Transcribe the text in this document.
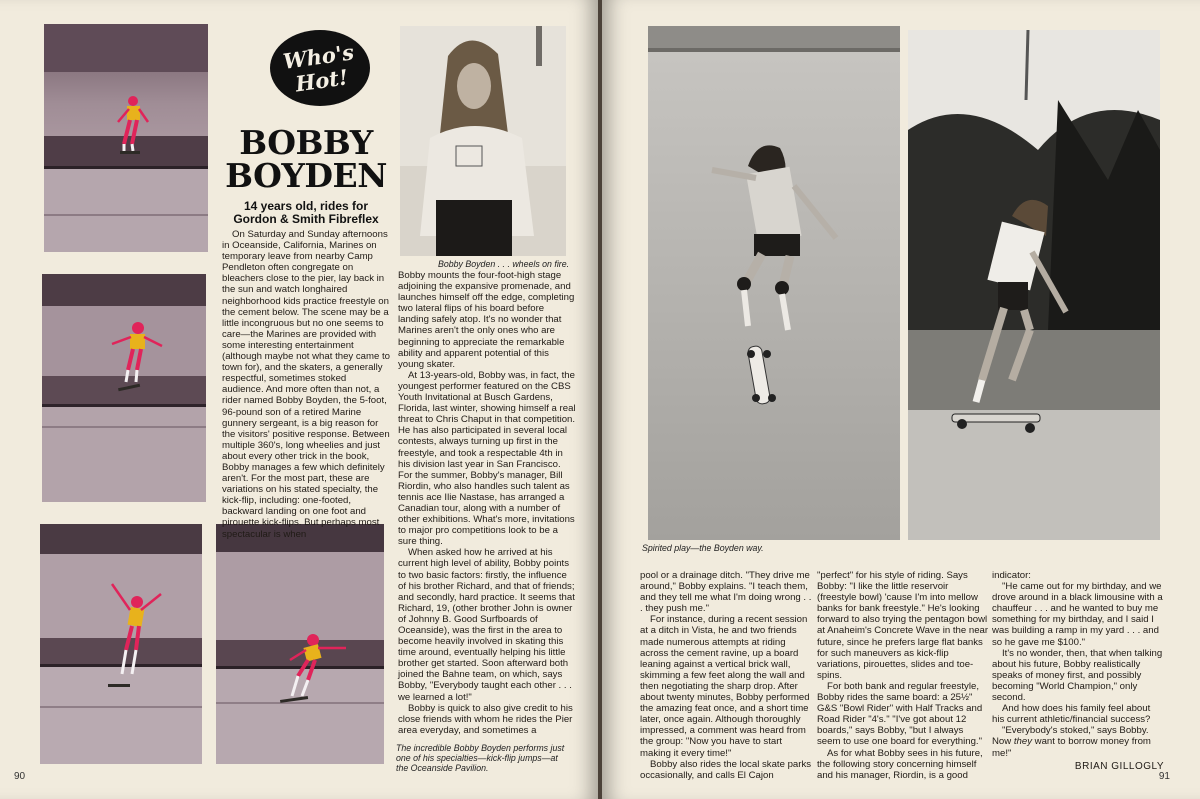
Who's
Hot!
BOBBY
BOYDEN
14 years old, rides for Gordon & Smith Fibreflex

On Saturday and Sunday afternoons in Oceanside, California, Marines on temporary leave from nearby Camp Pendleton often congregate on bleachers close to the pier, lay back in the sun and watch longhaired neighborhood kids practice freestyle on the cement below. The scene may be a little incongruous but no one seems to care—the Marines are provided with some interesting entertainment (although maybe not what they came to town for), and the skaters, a generally respectful, sometimes stoked audience. And more often than not, a rider named Bobby Boyden, the 5-foot, 96-pound son of a retired Marine gunnery sergeant, is a big reason for the visitors' positive response. Between multiple 360's, long wheelies and just about every other trick in the book, Bobby manages a few which definitely aren't. For the most part, these are variations on his stated specialty, the kick-flip, including: one-footed, backward landing on one foot and pirouette kick-flips. But perhaps most spectacular is when

Bobby Boyden . . . wheels on fire.

Bobby mounts the four-foot-high stage adjoining the expansive promenade, and launches himself off the edge, completing two lateral flips of his board before landing safely atop. It's no wonder that Marines aren't the only ones who are beginning to appreciate the remarkable ability and apparent potential of this young skater.

At 13-years-old, Bobby was, in fact, the youngest performer featured on the CBS Youth Invitational at Busch Gardens, Florida, last winter, showing himself a real threat to Chris Chaput in that competition. He has also participated in several local contests, always turning up first in the freestyle, and took a respectable 4th in his division last year in San Francisco. For the summer, Bobby's manager, Bill Riordin, who also handles such talent as tennis ace Ilie Nastase, has arranged a Canadian tour, along with a number of other exhibitions. What's more, invitations to major pro competitions look to be a sure thing.

When asked how he arrived at his current high level of ability, Bobby points to two basic factors: firstly, the influence of his brother Richard, and that of friends; and secondly, hard practice. It seems that Richard, 19, (other brother John is owner of Johnny B. Good Surfboards of Oceanside), was the first in the area to become heavily involved in skating this time around, eventually helping his little brother get started. Soon afterward both joined the Bahne team, on which, says Bobby, "Everybody taught each other . . . we learned a lot!"

Bobby is quick to also give credit to his close friends with whom he rides the Pier area everyday, and sometimes a

The incredible Bobby Boyden performs just one of his specialties—kick-flip jumps—at the Oceanside Pavilion.
90
Spirited play—the Boyden way.

pool or a drainage ditch. "They drive me around," Bobby explains. "I teach them, and they tell me what I'm doing wrong . . . they push me."

For instance, during a recent session at a ditch in Vista, he and two friends made numerous attempts at riding across the cement ravine, up a board leaning against a vertical brick wall, skimming a few feet along the wall and then negotiating the sharp drop. After about twenty minutes, Bobby performed the amazing feat once, and a short time later, once again. Although thoroughly impressed, a comment was heard from the group: "Now you have to start making it every time!"

Bobby also rides the local skate parks occasionally, and calls El Cajon

"perfect" for his style of riding. Says Bobby: "I like the little reservoir (freestyle bowl) 'cause I'm into mellow banks for bank freestyle." He's looking forward to also trying the pentagon bowl at Anaheim's Concrete Wave in the near future, since he prefers large flat banks for such maneuvers as kick-flip variations, pirouettes, slides and toe-spins.

For both bank and regular freestyle, Bobby rides the same board: a 25½" G&S "Bowl Rider" with Half Tracks and Road Rider "4's." "I've got about 12 boards," says Bobby, "but I always seem to use one board for everything."

As for what Bobby sees in his future, the following story concerning himself and his manager, Riordin, is a good

indicator:

"He came out for my birthday, and we drove around in a black limousine with a chauffeur . . . and he wanted to buy me something for my birthday, and I said I was building a ramp in my yard . . . and so he gave me $100."

It's no wonder, then, that when talking about his future, Bobby realistically speaks of money first, and possibly becoming "World Champion," only second.

And how does his family feel about his current athletic/financial success?

"Everybody's stoked," says Bobby. Now they want to borrow money from me!"

BRIAN GILLOGLY
91
